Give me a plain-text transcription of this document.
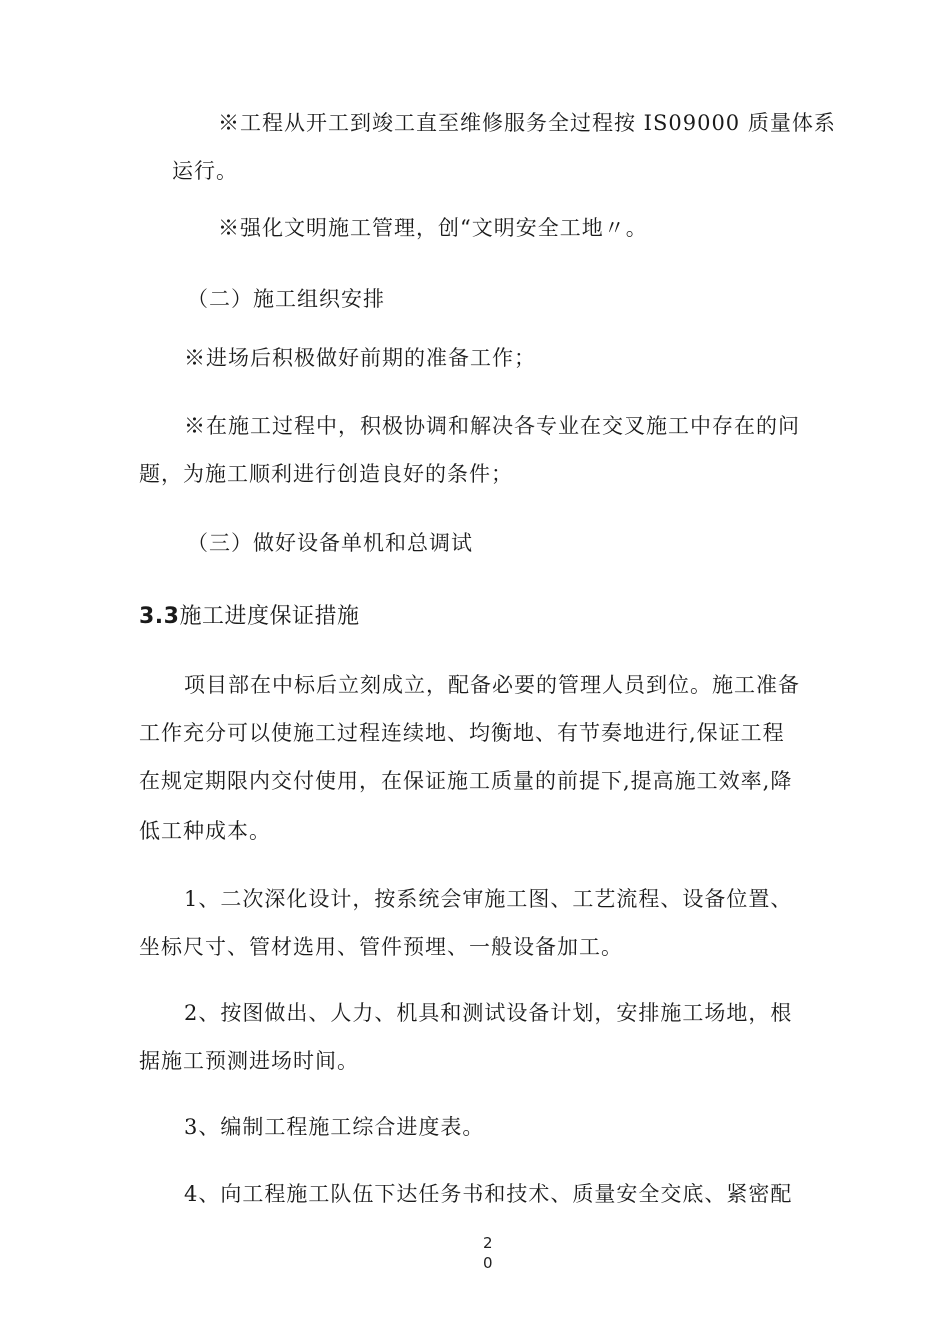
※工程从开工到竣工直至维修服务全过程按 IS09000 质量体系
运行。
※强化文明施工管理，创“文明安全工地〃。
（二）施工组织安排
※进场后积极做好前期的准备工作；
※在施工过程中，积极协调和解决各专业在交叉施工中存在的问
题，为施工顺利进行创造良好的条件；
（三）做好设备单机和总调试
3.3施工进度保证措施
项目部在中标后立刻成立，配备必要的管理人员到位。施工准备
工作充分可以使施工过程连续地、均衡地、有节奏地进行,保证工程
在规定期限内交付使用，在保证施工质量的前提下,提高施工效率,降
低工种成本。
1、二次深化设计，按系统会审施工图、工艺流程、设备位置、
坐标尺寸、管材选用、管件预埋、一般设备加工。
2、按图做出、人力、机具和测试设备计划，安排施工场地，根
据施工预测进场时间。
3、编制工程施工综合进度表。
4、向工程施工队伍下达任务书和技术、质量安全交底、紧密配
2
0
